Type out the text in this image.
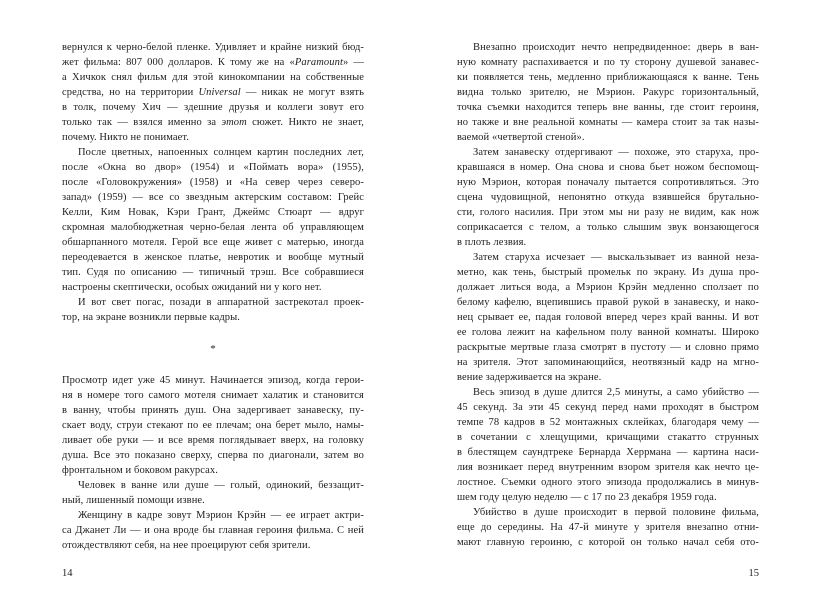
вернулся к черно-белой пленке. Удивляет и крайне низкий бюд-
жет фильма: 807 000 долларов. К тому же на «Paramount» —
а Хичкок снял фильм для этой кинокомпании на собственные
средства, но на территории Universal — никак не могут взять
в толк, почему Хич — здешние друзья и коллеги зовут его
только так — взялся именно за этот сюжет. Никто не знает,
почему. Никто не понимает.
После цветных, напоенных солнцем картин последних лет,
после «Окна во двор» (1954) и «Поймать вора» (1955),
после «Головокружения» (1958) и «На север через северо-
запад» (1959) — все со звездным актерским составом: Грейс
Келли, Ким Новак, Кэри Грант, Джеймс Стюарт — вдруг
скромная малобюджетная черно-белая лента об управляющем
обшарпанного мотеля. Герой все еще живет с матерью, иногда
переодевается в женское платье, невротик и вообще мутный
тип. Судя по описанию — типичный трэш. Все собравшиеся
настроены скептически, особых ожиданий ни у кого нет.
И вот свет погас, позади в аппаратной застрекотал проек-
тор, на экране возникли первые кадры.
*
Просмотр идет уже 45 минут. Начинается эпизод, когда герои-
ня в номере того самого мотеля снимает халатик и становится
в ванну, чтобы принять душ. Она задергивает занавеску, пу-
скает воду, струи стекают по ее плечам; она берет мыло, намы-
ливает обе руки — и все время поглядывает вверх, на головку
душа. Все это показано сверху, сперва по диагонали, затем во
фронтальном и боковом ракурсах.
Человек в ванне или душе — голый, одинокий, беззащит-
ный, лишенный помощи извне.
Женщину в кадре зовут Мэрион Крэйн — ее играет актри-
са Джанет Ли — и она вроде бы главная героиня фильма. С ней
отождествляют себя, на нее проецируют себя зрители.
Внезапно происходит нечто непредвиденное: дверь в ван-
ную комнату распахивается и по ту сторону душевой занавес-
ки появляется тень, медленно приближающаяся к ванне. Тень
видна только зрителю, не Мэрион. Ракурс горизонтальный,
точка съемки находится теперь вне ванны, где стоит героиня,
но также и вне реальной комнаты — камера стоит за так назы-
ваемой «четвертой стеной».
Затем занавеску отдергивают — похоже, это старуха, про-
кравшаяся в номер. Она снова и снова бьет ножом беспомощ-
ную Мэрион, которая поначалу пытается сопротивляться. Это
сцена чудовищной, непонятно откуда взявшейся брутально-
сти, голого насилия. При этом мы ни разу не видим, как нож
соприкасается с телом, а только слышим звук вонзающегося
в плоть лезвия.
Затем старуха исчезает — выскальзывает из ванной неза-
метно, как тень, быстрый промельк по экрану. Из душа про-
должает литься вода, а Мэрион Крэйн медленно сползает по
белому кафелю, вцепившись правой рукой в занавеску, и нако-
нец срывает ее, падая головой вперед через край ванны. И вот
ее голова лежит на кафельном полу ванной комнаты. Широко
раскрытые мертвые глаза смотрят в пустоту — и словно прямо
на зрителя. Этот запоминающийся, неотвязный кадр на мгно-
вение задерживается на экране.
Весь эпизод в душе длится 2,5 минуты, а само убийство —
45 секунд. За эти 45 секунд перед нами проходят в быстром
темпе 78 кадров в 52 монтажных склейках, благодаря чему —
в сочетании с хлещущими, кричащими стакатто струнных
в блестящем саундтреке Бернарда Херрмана — картина наси-
лия возникает перед внутренним взором зрителя как нечто це-
лостное. Съемки одного этого эпизода продолжались в минув-
шем году целую неделю — с 17 по 23 декабря 1959 года.
Убийство в душе происходит в первой половине фильма,
еще до середины. На 47-й минуте у зрителя внезапно отни-
мают главную героиню, с которой он только начал себя ото-
14	15
